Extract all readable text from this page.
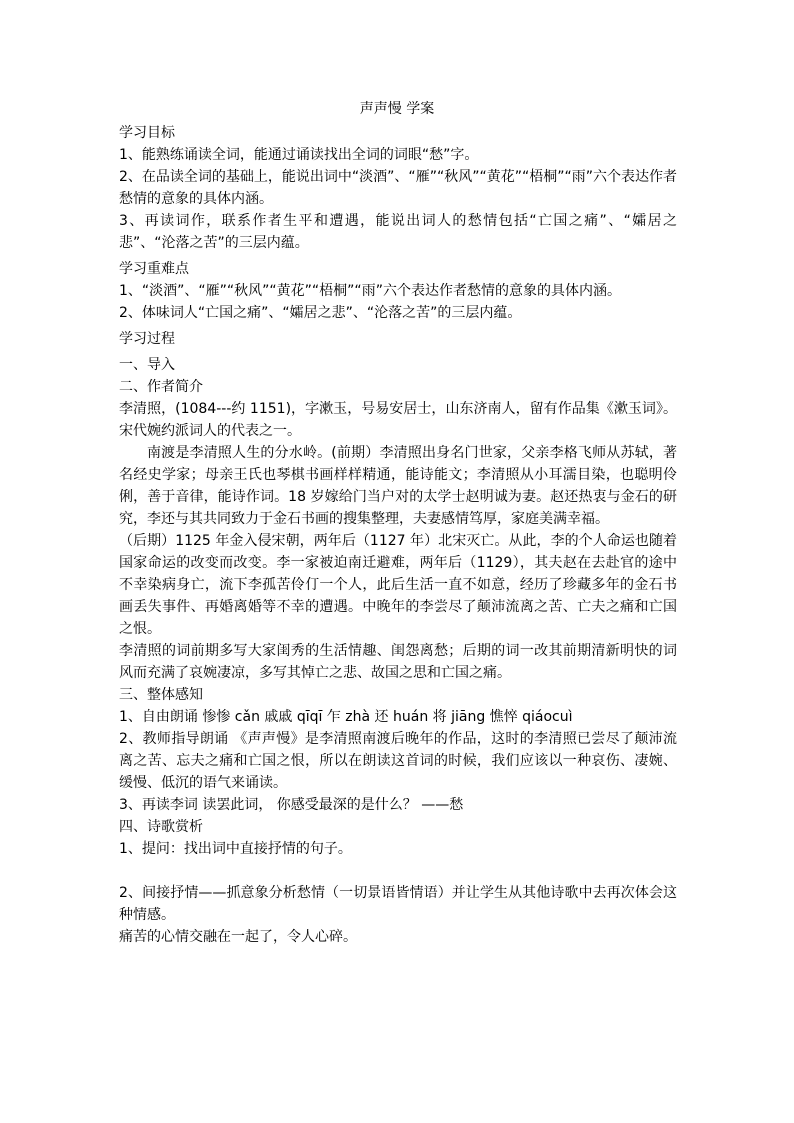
声声慢 学案

学习目标

1、能熟练诵读全词，能通过诵读找出全词的词眼“愁”字。

2、在品读全词的基础上，能说出词中“淡酒”、“雁”“秋风”“黄花”“梧桐”“雨”六个表达作者愁情的意象的具体内涵。

3、再读词作，联系作者生平和遭遇，能说出词人的愁情包括“亡国之痛”、“孀居之悲”、“沦落之苦”的三层内蕴。

学习重难点

1、“淡酒”、“雁”“秋风”“黄花”“梧桐”“雨”六个表达作者愁情的意象的具体内涵。

2、体味词人“亡国之痛”、“孀居之悲”、“沦落之苦”的三层内蕴。

学习过程

一、导入

二、作者简介

李清照，(1084---约 1151)，字漱玉，号易安居士，山东济南人，留有作品集《漱玉词》。宋代婉约派词人的代表之一。

南渡是李清照人生的分水岭。(前期）李清照出身名门世家，父亲李格飞师从苏轼，著名经史学家；母亲王氏也琴棋书画样样精通，能诗能文；李清照从小耳濡目染，也聪明伶俐，善于音律，能诗作词。18 岁嫁给门当户对的太学士赵明诚为妻。赵还热衷与金石的研究，李还与其共同致力于金石书画的搜集整理，夫妻感情笃厚，家庭美满幸福。

（后期）1125 年金入侵宋朝，两年后（1127 年）北宋灭亡。从此，李的个人命运也随着国家命运的改变而改变。李一家被迫南迁避难，两年后（1129），其夫赵在去赴官的途中不幸染病身亡，流下李孤苦伶仃一个人，此后生活一直不如意，经历了珍藏多年的金石书画丢失事件、再婚离婚等不幸的遭遇。中晚年的李尝尽了颠沛流离之苦、亡夫之痛和亡国之恨。

李清照的词前期多写大家闺秀的生活情趣、闺怨离愁；后期的词一改其前期清新明快的词风而充满了哀婉凄凉，多写其悼亡之悲、故国之思和亡国之痛。

三、整体感知

1、自由朗诵 惨惨 cǎn 戚戚 qīqī 乍 zhà 还 huán 将 jiāng 憔悴 qiáocuì

2、教师指导朗诵 《声声慢》是李清照南渡后晚年的作品，这时的李清照已尝尽了颠沛流离之苦、忘夫之痛和亡国之恨，所以在朗读这首词的时候，我们应该以一种哀伤、凄婉、缓慢、低沉的语气来诵读。

3、再读李词 读罢此词， 你感受最深的是什么？ ——愁

四、诗歌赏析

1、提问：找出词中直接抒情的句子。

2、间接抒情——抓意象分析愁情（一切景语皆情语）并让学生从其他诗歌中去再次体会这种情感。

痛苦的心情交融在一起了，令人心碎。
